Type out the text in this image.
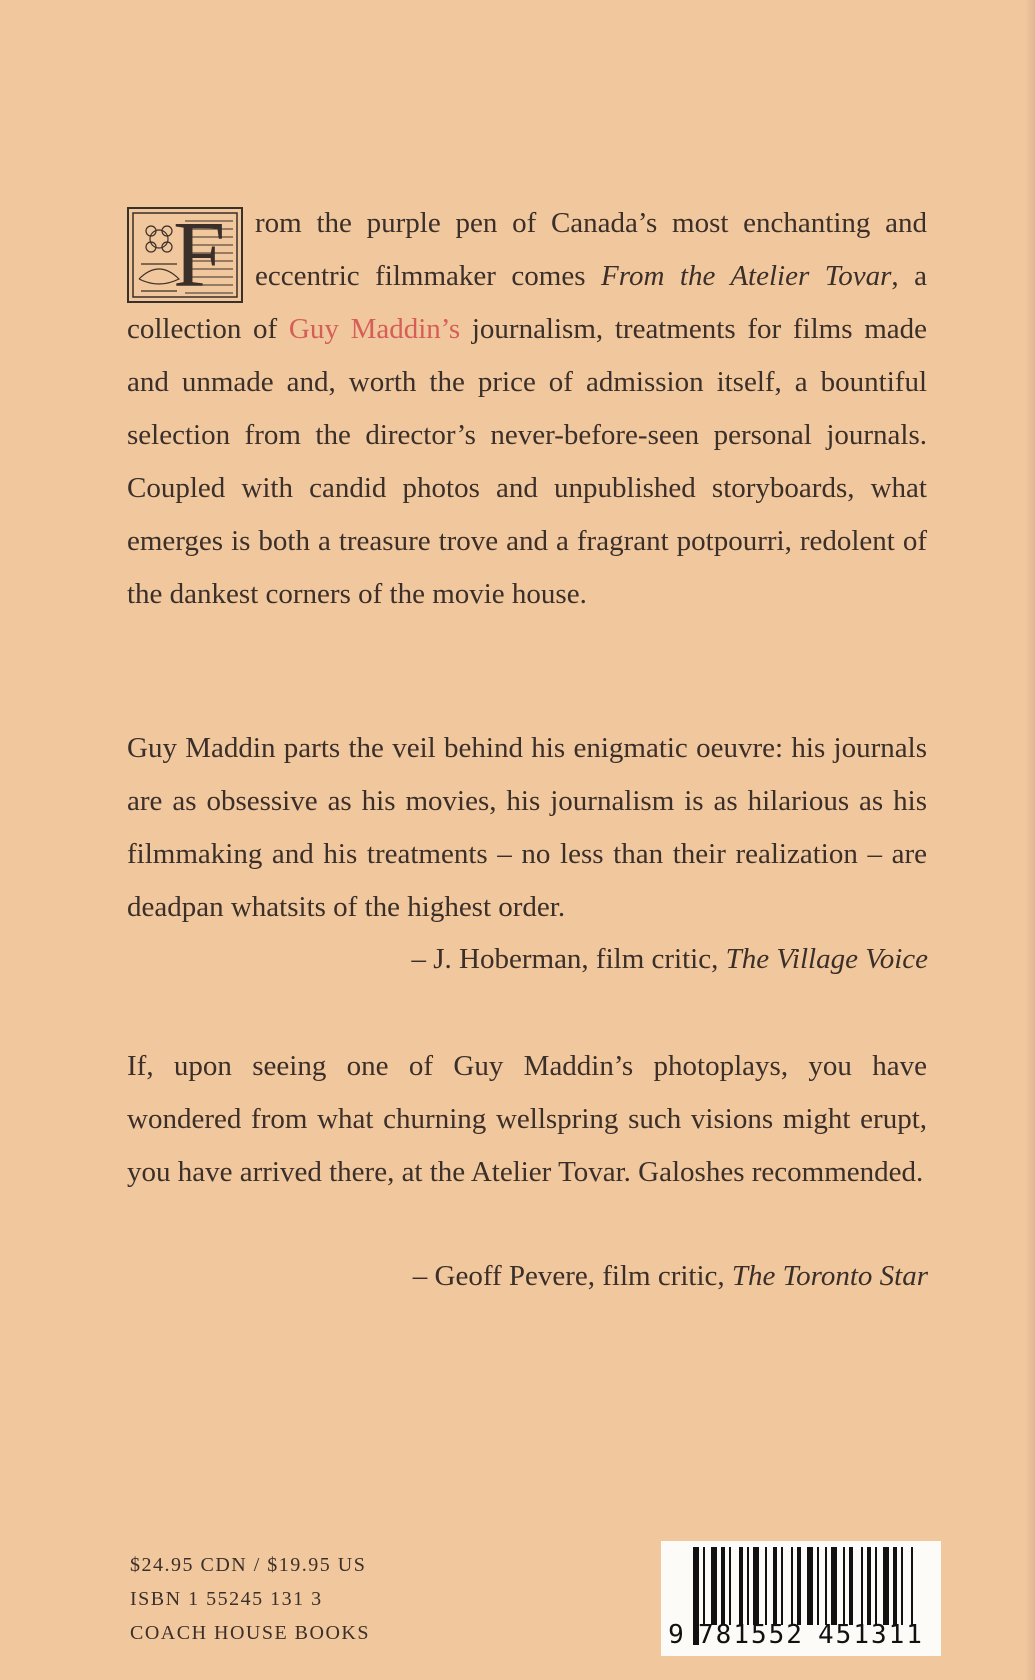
F	rom the purple pen of Canada’s most enchanting and eccentric filmmaker comes From the Atelier Tovar, a collection of Guy Maddin’s journalism, treatments for films made and unmade and, worth the price of admission itself, a bountiful selection from the director’s never-before-seen personal journals. Coupled with candid photos and unpublished storyboards, what emerges is both a treasure trove and a fragrant potpourri, redolent of the dankest corners of the movie house.

Guy Maddin parts the veil behind his enigmatic oeuvre: his journals are as obsessive as his movies, his journalism is as hilarious as his filmmaking and his treatments – no less than their realization – are deadpan whatsits of the highest order.

– J. Hoberman, film critic, The Village Voice

If, upon seeing one of Guy Maddin’s photoplays, you have wondered from what churning wellspring such visions might erupt, you have arrived there, at the Atelier Tovar. Galoshes recommended.

– Geoff Pevere, film critic, The Toronto Star
$24.95 CDN / $19.95 US
ISBN 1 55245 131 3
COACH HOUSE BOOKS	9 781552 451311
